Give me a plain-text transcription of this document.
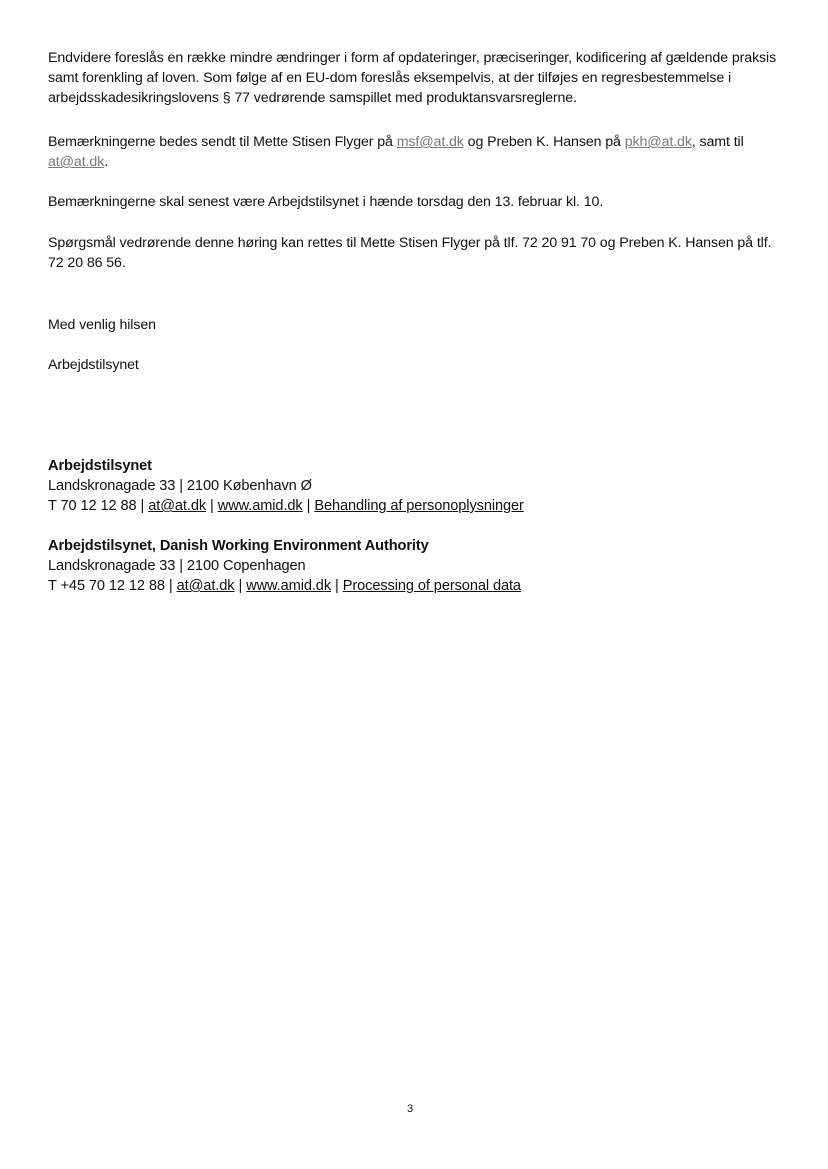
Endvidere foreslås en række mindre ændringer i form af opdateringer, præciseringer, kodificering af gældende praksis samt forenkling af loven. Som følge af en EU-dom foreslås eksempelvis, at der tilføjes en regresbestemmelse i arbejdsskadesikringslovens § 77 vedrørende samspillet med produktansvarsreglerne.

Bemærkningerne bedes sendt til Mette Stisen Flyger på msf@at.dk og Preben K. Hansen på pkh@at.dk, samt til at@at.dk.

Bemærkningerne skal senest være Arbejdstilsynet i hænde torsdag den 13. februar kl. 10.

Spørgsmål vedrørende denne høring kan rettes til Mette Stisen Flyger på tlf. 72 20 91 70 og Preben K. Hansen på tlf. 72 20 86 56.

Med venlig hilsen

Arbejdstilsynet

Arbejdstilsynet

Landskronagade 33 | 2100 København Ø

T 70 12 12 88 | at@at.dk | www.amid.dk | Behandling af personoplysninger

Arbejdstilsynet, Danish Working Environment Authority

Landskronagade 33 | 2100 Copenhagen

T +45 70 12 12 88 | at@at.dk | www.amid.dk | Processing of personal data

3
